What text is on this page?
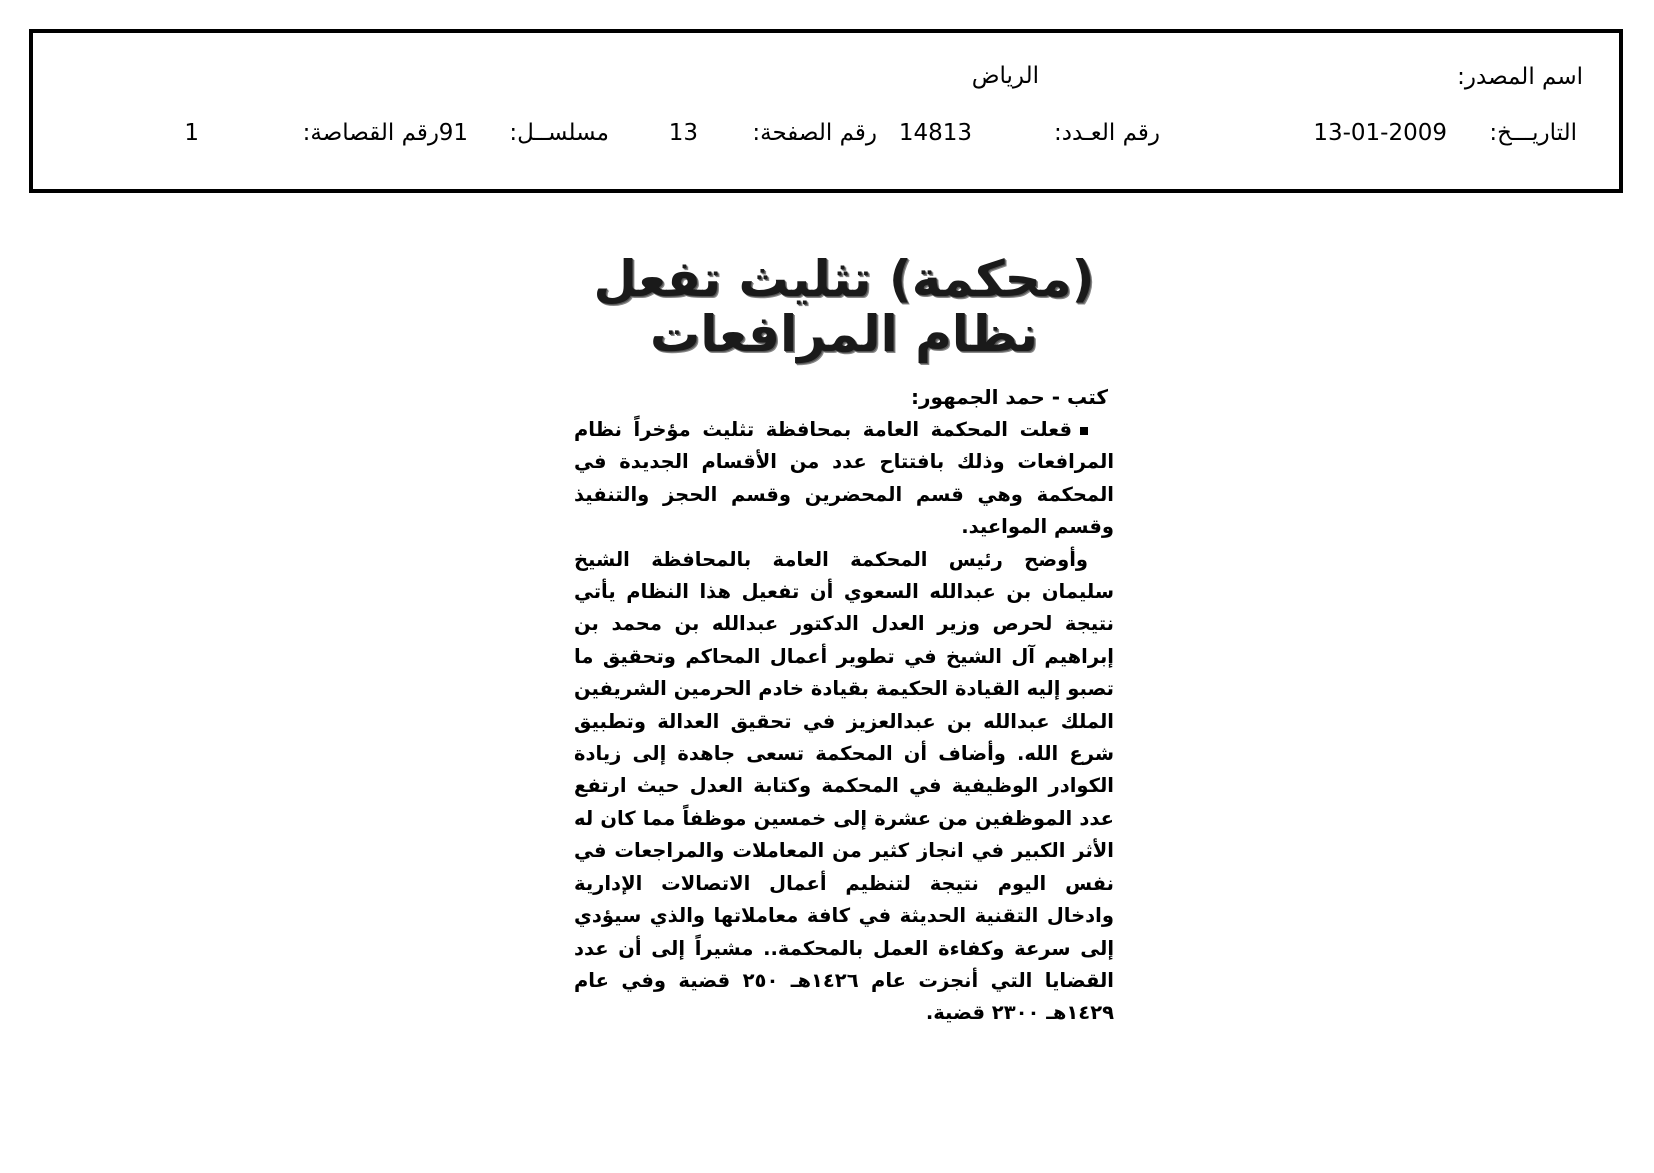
اسم المصدر:
الرياض
التاريـــخ:
13-01-2009
رقم العـدد:
14813
رقم الصفحة:
13
مسلســل:
91
رقم القصاصة:
1
(محكمة) تثليث تفعل نظام المرافعات
كتب - حمد الجمهور:

قعلت المحكمة العامة بمحافظة تثليث مؤخراً نظام المرافعات وذلك بافتتاح عدد من الأقسام الجديدة في المحكمة وهي قسم المحضرين وقسم الحجز والتنفيذ وقسم المواعيد.

وأوضح رئيس المحكمة العامة بالمحافظة الشيخ سليمان بن عبدالله السعوي أن تفعيل هذا النظام يأتي نتيجة لحرص وزير العدل الدكتور عبدالله بن محمد بن إبراهيم آل الشيخ في تطوير أعمال المحاكم وتحقيق ما تصبو إليه القيادة الحكيمة بقيادة خادم الحرمين الشريفين الملك عبدالله بن عبدالعزيز في تحقيق العدالة وتطبيق شرع الله. وأضاف أن المحكمة تسعى جاهدة إلى زيادة الكوادر الوظيفية في المحكمة وكتابة العدل حيث ارتفع عدد الموظفين من عشرة إلى خمسين موظفاً مما كان له الأثر الكبير في انجاز كثير من المعاملات والمراجعات في نفس اليوم نتيجة لتنظيم أعمال الاتصالات الإدارية وادخال التقنية الحديثة في كافة معاملاتها والذي سيؤدي إلى سرعة وكفاءة العمل بالمحكمة.. مشيراً إلى أن عدد القضايا التي أنجزت عام ١٤٢٦هـ ٢٥٠ قضية وفي عام ١٤٢٩هـ ٢٣٠٠ قضية.
